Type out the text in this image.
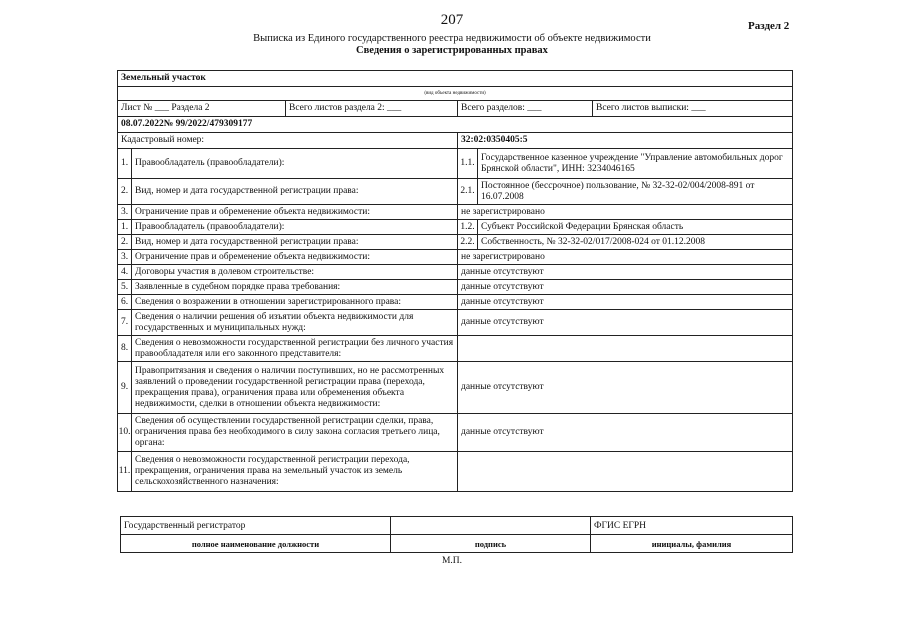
207	Раздел 2
Выписка из Единого государственного реестра недвижимости об объекте недвижимости
Сведения о зарегистрированных правах
Земельный участок					
(вид объекта недвижимости)					
Лист № ___ Раздела 2		Всего листов раздела 2: ___	Всего разделов: ___		Всего листов выписки: ___
08.07.2022№ 99/2022/479309177					
Кадастровый номер:			32:02:0350405:5		
1.	Правообладатель (правообладатели):		1.1.	Государственное казенное учреждение "Управление автомобильных дорог Брянской области", ИНН: 3234046165	
2.	Вид, номер и дата государственной регистрации права:		2.1.	Постоянное (бессрочное) пользование, № 32-32-02/004/2008-891 от 16.07.2008	
3.	Ограничение прав и обременение объекта недвижимости:		не зарегистрировано		
1.	Правообладатель (правообладатели):		1.2.	Субъект Российской Федерации Брянская область	
2.	Вид, номер и дата государственной регистрации права:		2.2.	Собственность, № 32-32-02/017/2008-024 от 01.12.2008	
3.	Ограничение прав и обременение объекта недвижимости:		не зарегистрировано		
4.	Договоры участия в долевом строительстве:		данные отсутствуют		
5.	Заявленные в судебном порядке права требования:		данные отсутствуют		
6.	Сведения о возражении в отношении зарегистрированного права:		данные отсутствуют		
7.	Сведения о наличии решения об изъятии объекта недвижимости для государственных и муниципальных нужд:		данные отсутствуют		
8.	Сведения о невозможности государственной регистрации без личного участия правообладателя или его законного представителя:				
9.	Правопритязания и сведения о наличии поступивших, но не рассмотренных заявлений о проведении государственной регистрации права (перехода, прекращения права), ограничения права или обременения объекта недвижимости, сделки в отношении объекта недвижимости:		данные отсутствуют		
10.	Сведения об осуществлении государственной регистрации сделки, права, ограничения права без необходимого в силу закона согласия третьего лица, органа:		данные отсутствуют		
11.	Сведения о невозможности государственной регистрации перехода, прекращения, ограничения права на земельный участок из земель сельскохозяйственного назначения:				
Государственный регистратор		ФГИС ЕГРН
полное наименование должности	подпись	инициалы, фамилия
М.П.
